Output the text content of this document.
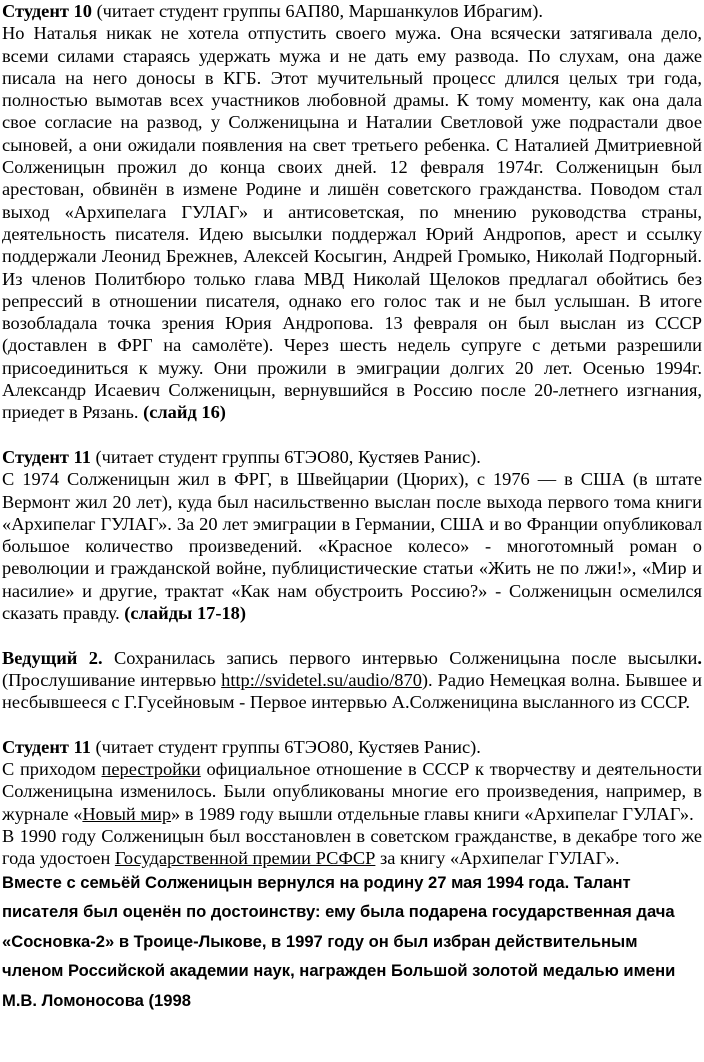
Студент 10 (читает студент группы 6АП80, Маршанкулов Ибрагим).

Но Наталья никак не хотела отпустить своего мужа. Она всячески затягивала дело, всеми силами стараясь удержать мужа и не дать ему развода. По слухам, она даже писала на него доносы в КГБ. Этот мучительный процесс длился целых три года, полностью вымотав всех участников любовной драмы. К тому моменту, как она дала свое согласие на развод, у Солженицына и Наталии Светловой уже подрастали двое сыновей, а они ожидали появления на свет третьего ребенка. С Наталией Дмитриевной Солженицын прожил до конца своих дней. 12 февраля 1974г. Солженицын был арестован, обвинён в измене Родине и лишён советского гражданства. Поводом стал выход «Архипелага ГУЛАГ» и антисоветская, по мнению руководства страны, деятельность писателя. Идею высылки поддержал Юрий Андропов, арест и ссылку поддержали Леонид Брежнев, Алексей Косыгин, Андрей Громыко, Николай Подгорный. Из членов Политбюро только глава МВД Николай Щелоков предлагал обойтись без репрессий в отношении писателя, однако его голос так и не был услышан. В итоге возобладала точка зрения Юрия Андропова. 13 февраля он был выслан из СССР (доставлен в ФРГ на самолёте). Через шесть недель супруге с детьми разрешили присоединиться к мужу. Они прожили в эмиграции долгих 20 лет. Осенью 1994г. Александр Исаевич Солженицын, вернувшийся в Россию после 20-летнего изгнания, приедет в Рязань. (слайд 16)

Студент 11 (читает студент группы 6ТЭО80, Кустяев Ранис).

С 1974 Солженицын жил в ФРГ, в Швейцарии (Цюрих), с 1976 — в США (в штате Вермонт жил 20 лет), куда был насильственно выслан после выхода первого тома книги «Архипелаг ГУЛАГ». За 20 лет эмиграции в Германии, США и во Франции опубликовал большое количество произведений. «Красное колесо» - многотомный роман о революции и гражданской войне, публицистические статьи «Жить не по лжи!», «Мир и насилие» и другие, трактат «Как нам обустроить Россию?» - Солженицын осмелился сказать правду. (слайды 17-18)

Ведущий 2. Сохранилась запись первого интервью Солженицына после высылки. (Прослушивание интервью http://svidetel.su/audio/870). Радио Немецкая волна. Бывшее и несбывшееся с Г.Гусейновым - Первое интервью А.Солженицина высланного из СССР.

Студент 11 (читает студент группы 6ТЭО80, Кустяев Ранис).

С приходом перестройки официальное отношение в СССР к творчеству и деятельности Солженицына изменилось. Были опубликованы многие его произведения, например, в журнале «Новый мир» в 1989 году вышли отдельные главы книги «Архипелаг ГУЛАГ».

В 1990 году Солженицын был восстановлен в советском гражданстве, в декабре того же года удостоен Государственной премии РСФСР за книгу «Архипелаг ГУЛАГ».

Вместе с семьёй Солженицын вернулся на родину 27 мая 1994 года. Талант писателя был оценён по достоинству: ему была подарена государственная дача «Сосновка-2» в Троице-Лыкове, в 1997 году он был избран действительным членом Российской академии наук, награжден Большой золотой медалью имени М.В. Ломоносова (1998
